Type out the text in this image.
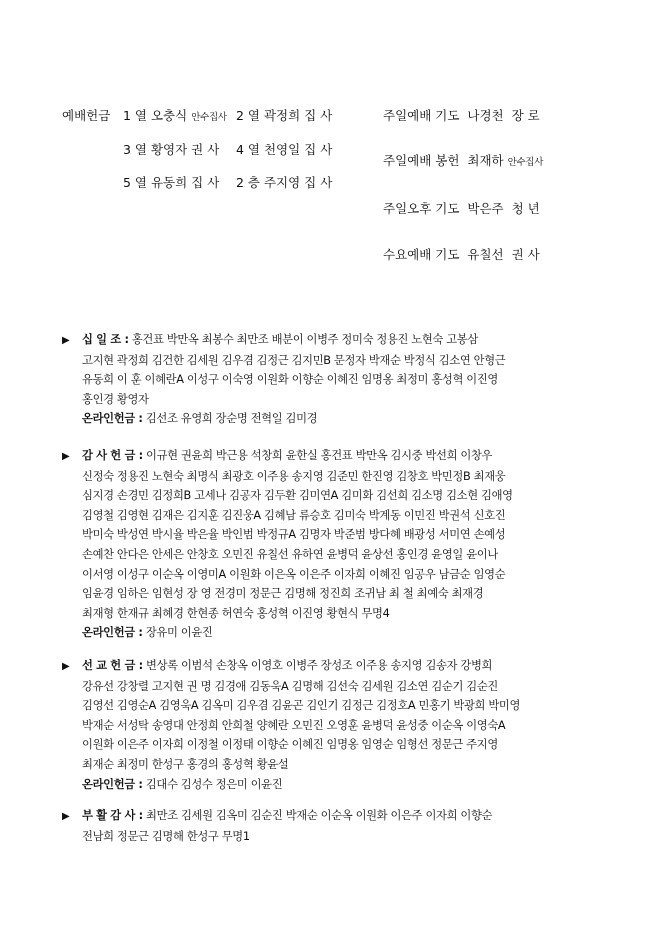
예배헌금 1 열 오충식 안수집사 2 열 곽정희 집 사
3 열 황영자 권 사 4 열 천영일 집 사
5 열 유동희 집 사 2 층 주지영 집 사
주일예배 기도 나경천 장 로
주일예배 봉헌 최재하 안수집사
주일오후 기도 박은주 청 년
수요예배 기도 유칠선 권 사
▶ 십 일 조 : 홍건표 박만옥 최봉수 최만조 배분이 이병주 정미숙 정용진 노현숙 고봉삼
고지현 곽정희 김건한 김세원 김우겸 김정근 김지민B 문정자 박재순 박정식 김소연 안형근
유동희 이 훈 이혜란A 이성구 이숙영 이원화 이향순 이혜진 임명옹 최정미 홍성혁 이진영
홍인경 황영자
온라인헌금 : 김선조 유영희 장순명 전혁일 김미경
▶ 감 사 헌 금 : 이규현 권윤희 박근용 석창희 윤한실 홍건표 박만옥 김시중 박선희 이창우
신정숙 정용진 노현숙 최명식 최광호 이주용 송지영 김준민 한진영 김창호 박민정B 최재웅
심지경 손경민 김정희B 고세나 김공자 김두환 김미연A 김미화 김선희 김소명 김소현 김애영
김영철 김영현 김재은 김지훈 김진웅A 김혜남 류승호 김미숙 박계동 이민진 박권석 신호진
박미숙 박성연 박시율 박은율 박인범 박정규A 김명자 박준범 방다혜 배광성 서미연 손예성
손예찬 안다은 안세은 안창호 오민진 유칠선 유하연 윤병덕 윤상선 홍인경 윤영일 윤이나
이서영 이성구 이순옥 이영미A 이원화 이은옥 이은주 이자희 이혜진 임공우 남금순 임영순
임윤경 임하은 임현성 장 영 전경미 정문근 김명해 정진희 조귀남 최 철 최예숙 최재경
최재형 한재규 최혜경 한현종 허연숙 홍성혁 이진영 황현식 무명4
온라인헌금 : 장유미 이윤진
▶ 선 교 헌 금 : 변상록 이범석 손창옥 이영호 이병주 장성조 이주용 송지영 김송자 강병희
강유선 강창렬 고지현 권 명 김경애 김동욱A 김명해 김선숙 김세원 김소연 김순기 김순진
김영선 김영순A 김영욱A 김옥미 김우겸 김윤곤 김인기 김정근 김정호A 민홍기 박광희 박미영
박재순 서성탁 송영대 안정희 안희철 양혜란 오민진 오영훈 윤병덕 윤성중 이순옥 이영숙A
이원화 이은주 이자희 이정철 이정태 이향순 이혜진 임명옹 임영순 임형선 정문근 주지영
최재순 최정미 한성구 홍경의 홍성혁 황윤설
온라인헌금 : 김대수 김성수 정은미 이윤진
▶ 부 활 감 사 : 최만조 김세원 김옥미 김순진 박재순 이순옥 이원화 이은주 이자희 이향순
전남희 정문근 김명해 한성구 무명1
